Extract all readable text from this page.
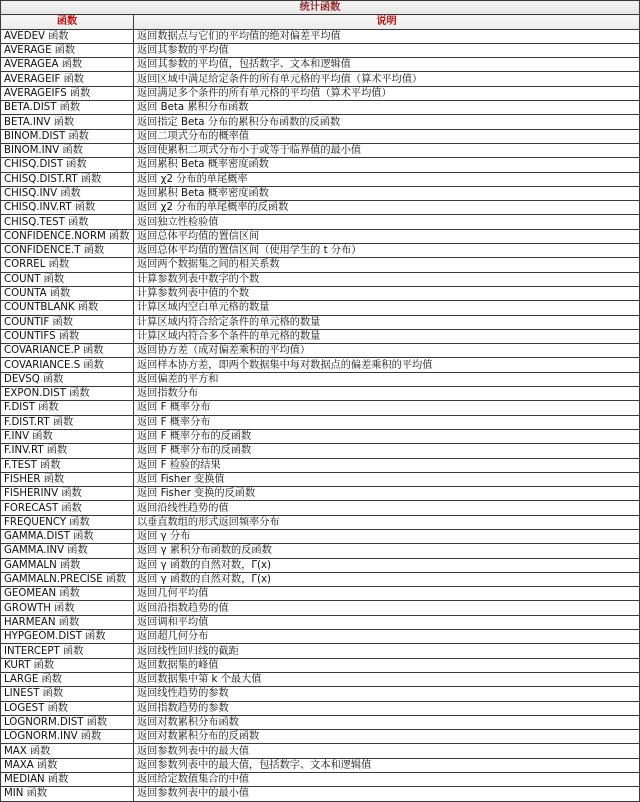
统计函数	
函数	说明
AVEDEV 函数	返回数据点与它们的平均值的绝对偏差平均值
AVERAGE 函数	返回其参数的平均值
AVERAGEA 函数	返回其参数的平均值，包括数字、文本和逻辑值
AVERAGEIF 函数	返回区域中满足给定条件的所有单元格的平均值（算术平均值）
AVERAGEIFS 函数	返回满足多个条件的所有单元格的平均值（算术平均值）
BETA.DIST 函数	返回 Beta 累积分布函数
BETA.INV 函数	返回指定 Beta 分布的累积分布函数的反函数
BINOM.DIST 函数	返回二项式分布的概率值
BINOM.INV 函数	返回使累积二项式分布小于或等于临界值的最小值
CHISQ.DIST 函数	返回累积 Beta 概率密度函数
CHISQ.DIST.RT 函数	返回 χ2 分布的单尾概率
CHISQ.INV 函数	返回累积 Beta 概率密度函数
CHISQ.INV.RT 函数	返回 χ2 分布的单尾概率的反函数
CHISQ.TEST 函数	返回独立性检验值
CONFIDENCE.NORM 函数	返回总体平均值的置信区间
CONFIDENCE.T 函数	返回总体平均值的置信区间（使用学生的 t 分布）
CORREL 函数	返回两个数据集之间的相关系数
COUNT 函数	计算参数列表中数字的个数
COUNTA 函数	计算参数列表中值的个数
COUNTBLANK 函数	计算区域内空白单元格的数量
COUNTIF 函数	计算区域内符合给定条件的单元格的数量
COUNTIFS 函数	计算区域内符合多个条件的单元格的数量
COVARIANCE.P 函数	返回协方差（成对偏差乘积的平均值）
COVARIANCE.S 函数	返回样本协方差，即两个数据集中每对数据点的偏差乘积的平均值
DEVSQ 函数	返回偏差的平方和
EXPON.DIST 函数	返回指数分布
F.DIST 函数	返回 F 概率分布
F.DIST.RT 函数	返回 F 概率分布
F.INV 函数	返回 F 概率分布的反函数
F.INV.RT 函数	返回 F 概率分布的反函数
F.TEST 函数	返回 F 检验的结果
FISHER 函数	返回 Fisher 变换值
FISHERINV 函数	返回 Fisher 变换的反函数
FORECAST 函数	返回沿线性趋势的值
FREQUENCY 函数	以垂直数组的形式返回频率分布
GAMMA.DIST 函数	返回 γ 分布
GAMMA.INV 函数	返回 γ 累积分布函数的反函数
GAMMALN 函数	返回 γ 函数的自然对数，Γ(x)
GAMMALN.PRECISE 函数	返回 γ 函数的自然对数，Γ(x)
GEOMEAN 函数	返回几何平均值
GROWTH 函数	返回沿指数趋势的值
HARMEAN 函数	返回调和平均值
HYPGEOM.DIST 函数	返回超几何分布
INTERCEPT 函数	返回线性回归线的截距
KURT 函数	返回数据集的峰值
LARGE 函数	返回数据集中第 k 个最大值
LINEST 函数	返回线性趋势的参数
LOGEST 函数	返回指数趋势的参数
LOGNORM.DIST 函数	返回对数累积分布函数
LOGNORM.INV 函数	返回对数累积分布的反函数
MAX 函数	返回参数列表中的最大值
MAXA 函数	返回参数列表中的最大值，包括数字、文本和逻辑值
MEDIAN 函数	返回给定数值集合的中值
MIN 函数	返回参数列表中的最小值
